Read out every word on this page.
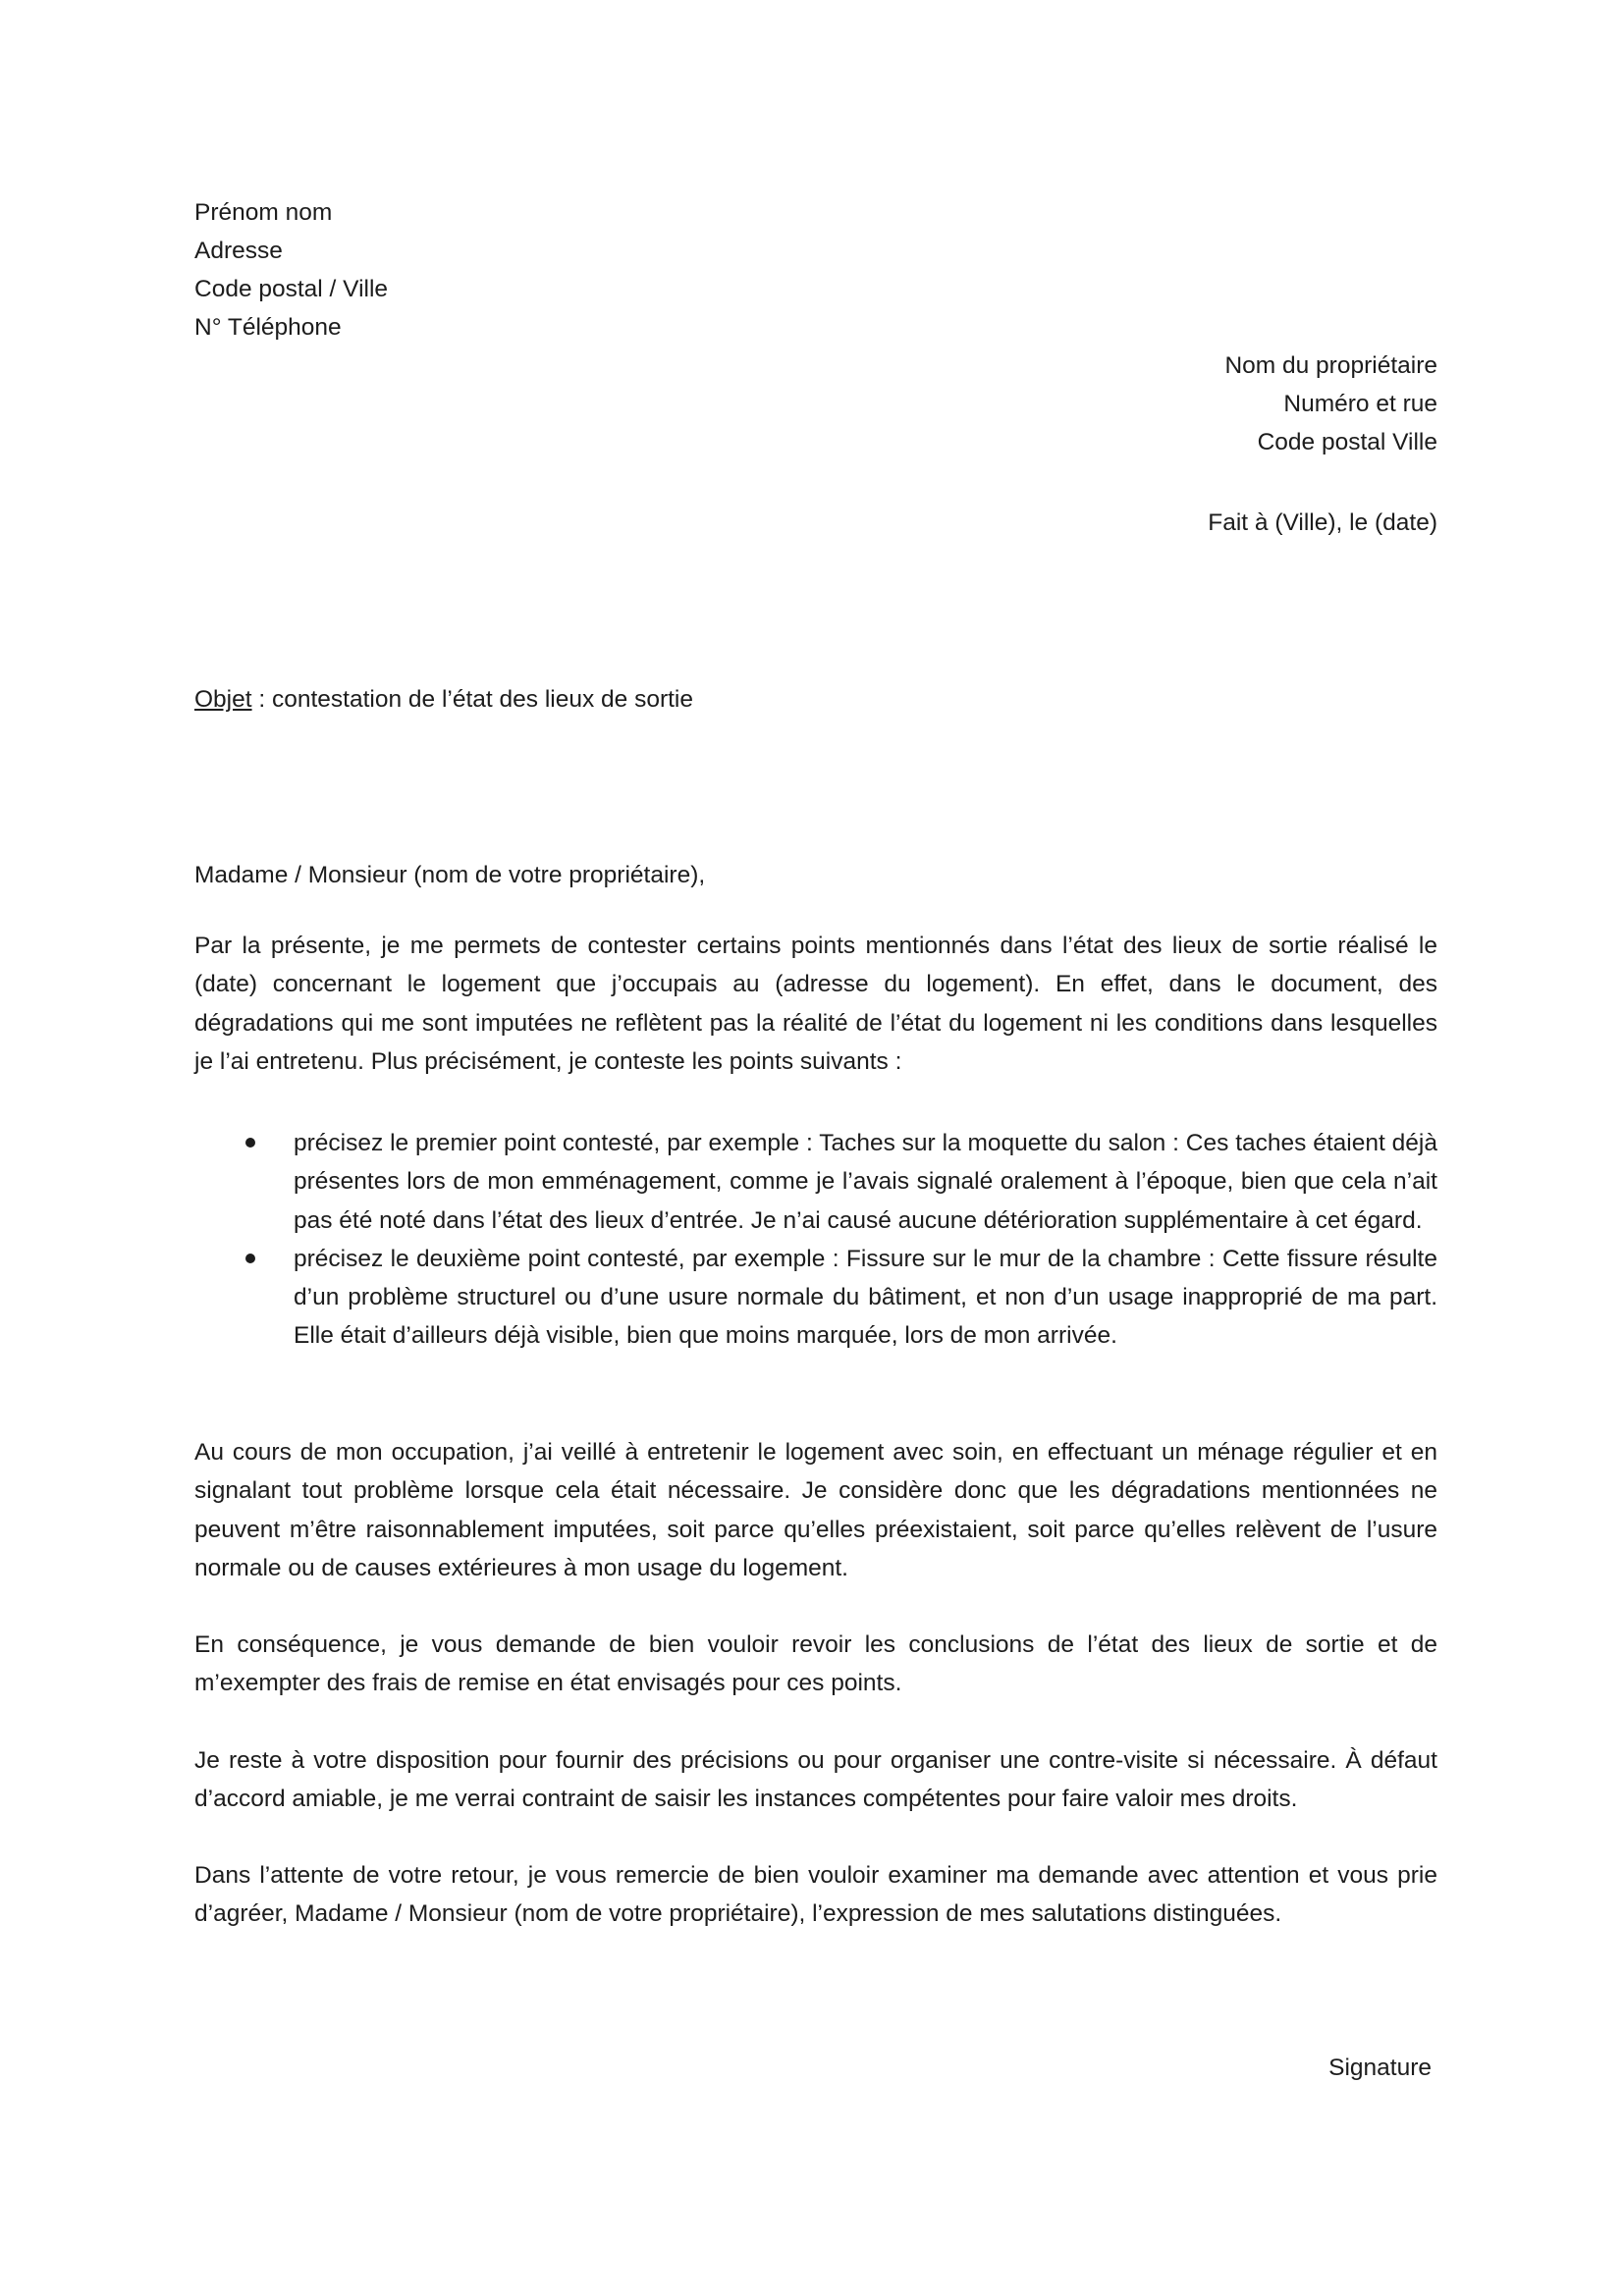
Prénom nom
Adresse
Code postal / Ville
N° Téléphone
Nom du propriétaire
Numéro et rue
Code postal Ville
Fait à (Ville), le (date)
Objet : contestation de l’état des lieux de sortie
Madame / Monsieur (nom de votre propriétaire),

Par la présente, je me permets de contester certains points mentionnés dans l’état des lieux de sortie réalisé le (date) concernant le logement que j’occupais au (adresse du logement). En effet, dans le document, des dégradations qui me sont imputées ne reflètent pas la réalité de l’état du logement ni les conditions dans lesquelles je l’ai entretenu. Plus précisément, je conteste les points suivants :

précisez le premier point contesté, par exemple : Taches sur la moquette du salon : Ces taches étaient déjà présentes lors de mon emménagement, comme je l’avais signalé oralement à l’époque, bien que cela n’ait pas été noté dans l’état des lieux d’entrée. Je n’ai causé aucune détérioration supplémentaire à cet égard.
précisez le deuxième point contesté, par exemple : Fissure sur le mur de la chambre : Cette fissure résulte d’un problème structurel ou d’une usure normale du bâtiment, et non d’un usage inapproprié de ma part. Elle était d’ailleurs déjà visible, bien que moins marquée, lors de mon arrivée.

Au cours de mon occupation, j’ai veillé à entretenir le logement avec soin, en effectuant un ménage régulier et en signalant tout problème lorsque cela était nécessaire. Je considère donc que les dégradations mentionnées ne peuvent m’être raisonnablement imputées, soit parce qu’elles préexistaient, soit parce qu’elles relèvent de l’usure normale ou de causes extérieures à mon usage du logement.

En conséquence, je vous demande de bien vouloir revoir les conclusions de l’état des lieux de sortie et de m’exempter des frais de remise en état envisagés pour ces points.

Je reste à votre disposition pour fournir des précisions ou pour organiser une contre-visite si nécessaire. À défaut d’accord amiable, je me verrai contraint de saisir les instances compétentes pour faire valoir mes droits.

Dans l’attente de votre retour, je vous remercie de bien vouloir examiner ma demande avec attention et vous prie d’agréer, Madame / Monsieur (nom de votre propriétaire), l’expression de mes salutations distinguées.

Signature
